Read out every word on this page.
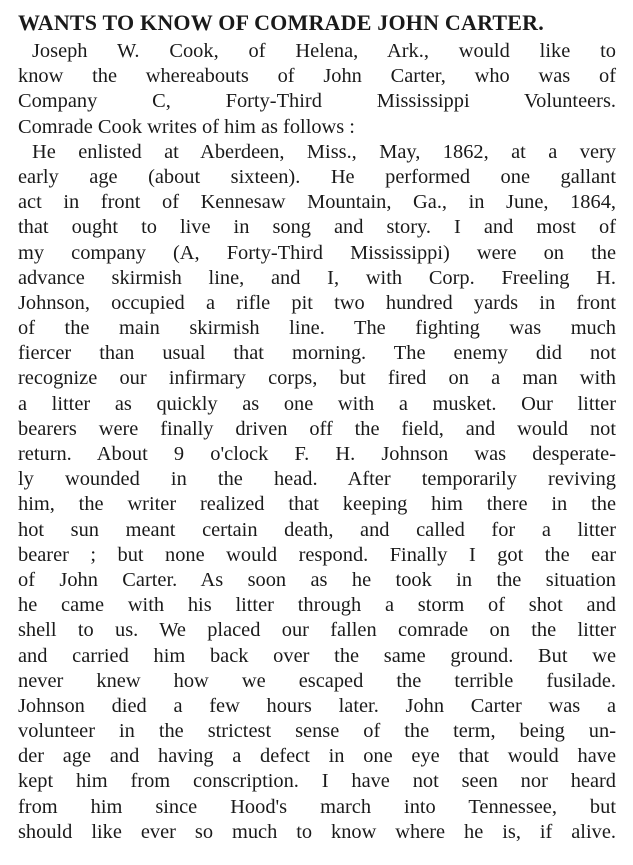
WANTS TO KNOW OF COMRADE JOHN CARTER.
Joseph W. Cook, of Helena, Ark., would like to
know the whereabouts of John Carter, who was of
Company C, Forty-Third Mississippi Volunteers.
Comrade Cook writes of him as follows :
He enlisted at Aberdeen, Miss., May, 1862, at a very
early age (about sixteen). He performed one gallant
act in front of Kennesaw Mountain, Ga., in June, 1864,
that ought to live in song and story. I and most of
my company (A, Forty-Third Mississippi) were on the
advance skirmish line, and I, with Corp. Freeling H.
Johnson, occupied a rifle pit two hundred yards in front
of the main skirmish line. The fighting was much
fiercer than usual that morning. The enemy did not
recognize our infirmary corps, but fired on a man with
a litter as quickly as one with a musket. Our litter
bearers were finally driven off the field, and would not
return. About 9 o'clock F. H. Johnson was desperate-
ly wounded in the head. After temporarily reviving
him, the writer realized that keeping him there in the
hot sun meant certain death, and called for a litter
bearer ; but none would respond. Finally I got the ear
of John Carter. As soon as he took in the situation
he came with his litter through a storm of shot and
shell to us. We placed our fallen comrade on the litter
and carried him back over the same ground. But we
never knew how we escaped the terrible fusilade.
Johnson died a few hours later. John Carter was a
volunteer in the strictest sense of the term, being un-
der age and having a defect in one eye that would have
kept him from conscription. I have not seen nor heard
from him since Hood's march into Tennessee, but
should like ever so much to know where he is, if alive.
